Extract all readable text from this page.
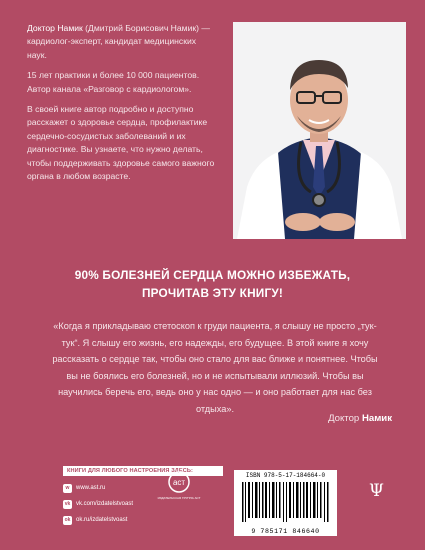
Доктор Намик (Дмитрий Борисович Намик) — кардиолог-эксперт, кандидат медицинских наук.

15 лет практики и более 10 000 пациентов. Автор канала «Разговор с кардиологом».

В своей книге автор подробно и доступно расскажет о здоровье сердца, профилактике сердечно-сосудистых заболеваний и их диагностике. Вы узнаете, что нужно делать, чтобы поддерживать здоровье самого важного органа в любом возрасте.

90% БОЛЕЗНЕЙ СЕРДЦА МОЖНО ИЗБЕЖАТЬ,
ПРОЧИТАВ ЭТУ КНИГУ!
«Когда я прикладываю стетоскоп к груди пациента, я слышу не просто „тук-тук“. Я слышу его жизнь, его надежды, его будущее. В этой книге я хочу рассказать о сердце так, чтобы оно стало для вас ближе и понятнее. Чтобы вы не боялись его болезней, но и не испытывали иллюзий. Чтобы вы научились беречь его, ведь оно у нас одно — и оно работает для нас без отдыха».
Доктор Намик
КНИГИ ДЛЯ ЛЮБОГО НАСТРОЕНИЯ ЗДЕСЬ:
w	www.ast.ru
vk vk.com/izdatelstvoast
ok ok.ru/izdatelstvoast
аст
ИЗДАТЕЛЬСКАЯ ГРУППА АСТ
ISBN 978-5-17-184664-0
9 785171 846640
Ψ
